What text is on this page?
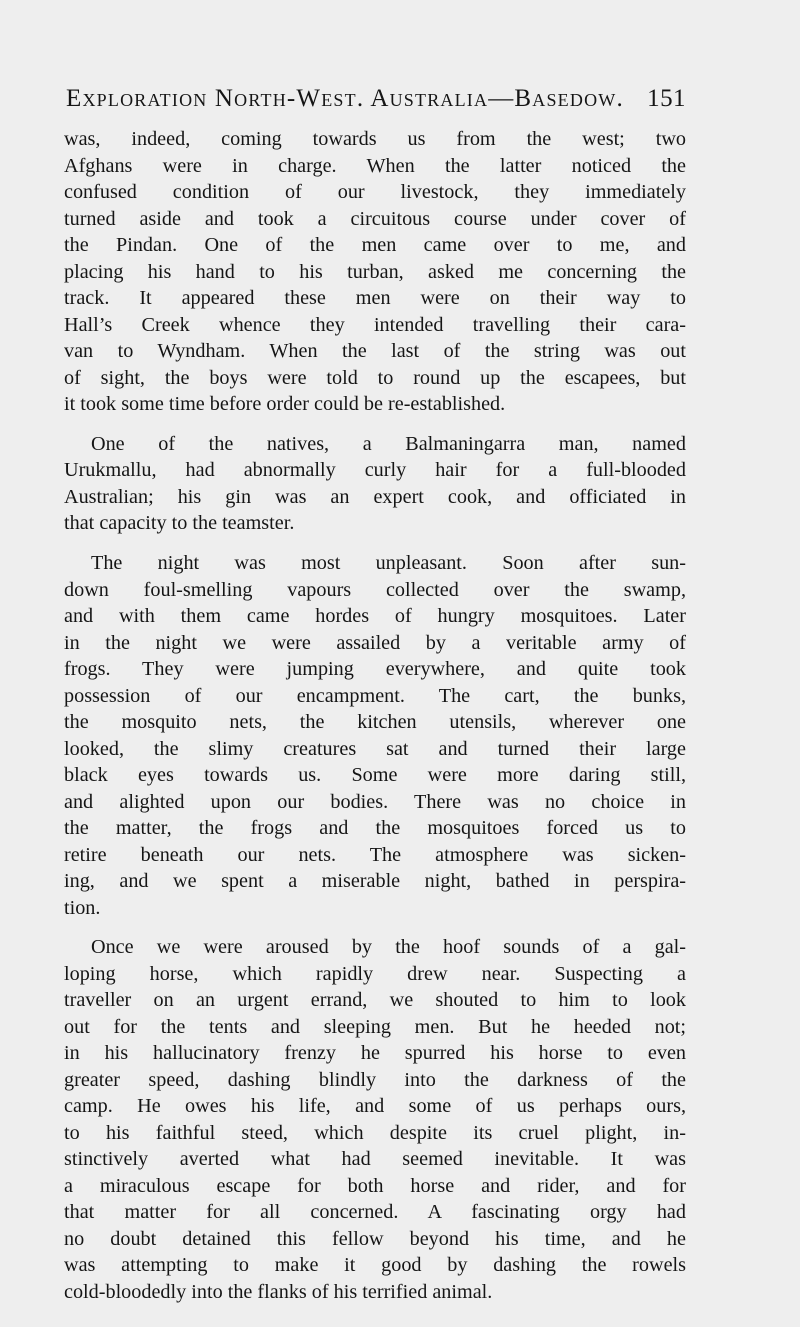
Exploration North-West. Australia—Basedow. 151
was, indeed, coming towards us from the west; two
Afghans were in charge. When the latter noticed the
confused condition of our livestock, they immediately
turned aside and took a circuitous course under cover of
the Pindan. One of the men came over to me, and
placing his hand to his turban, asked me concerning the
track. It appeared these men were on their way to
Hall’s Creek whence they intended travelling their cara-
van to Wyndham. When the last of the string was out
of sight, the boys were told to round up the escapees, but
it took some time before order could be re-established.
One of the natives, a Balmaningarra man, named
Urukmallu, had abnormally curly hair for a full-blooded
Australian; his gin was an expert cook, and officiated in
that capacity to the teamster.
The night was most unpleasant. Soon after sun-
down foul-smelling vapours collected over the swamp,
and with them came hordes of hungry mosquitoes. Later
in the night we were assailed by a veritable army of
frogs. They were jumping everywhere, and quite took
possession of our encampment. The cart, the bunks,
the mosquito nets, the kitchen utensils, wherever one
looked, the slimy creatures sat and turned their large
black eyes towards us. Some were more daring still,
and alighted upon our bodies. There was no choice in
the matter, the frogs and the mosquitoes forced us to
retire beneath our nets. The atmosphere was sicken-
ing, and we spent a miserable night, bathed in perspira-
tion.
Once we were aroused by the hoof sounds of a gal-
loping horse, which rapidly drew near. Suspecting a
traveller on an urgent errand, we shouted to him to look
out for the tents and sleeping men. But he heeded not;
in his hallucinatory frenzy he spurred his horse to even
greater speed, dashing blindly into the darkness of the
camp. He owes his life, and some of us perhaps ours,
to his faithful steed, which despite its cruel plight, in-
stinctively averted what had seemed inevitable. It was
a miraculous escape for both horse and rider, and for
that matter for all concerned. A fascinating orgy had
no doubt detained this fellow beyond his time, and he
was attempting to make it good by dashing the rowels
cold-bloodedly into the flanks of his terrified animal.
